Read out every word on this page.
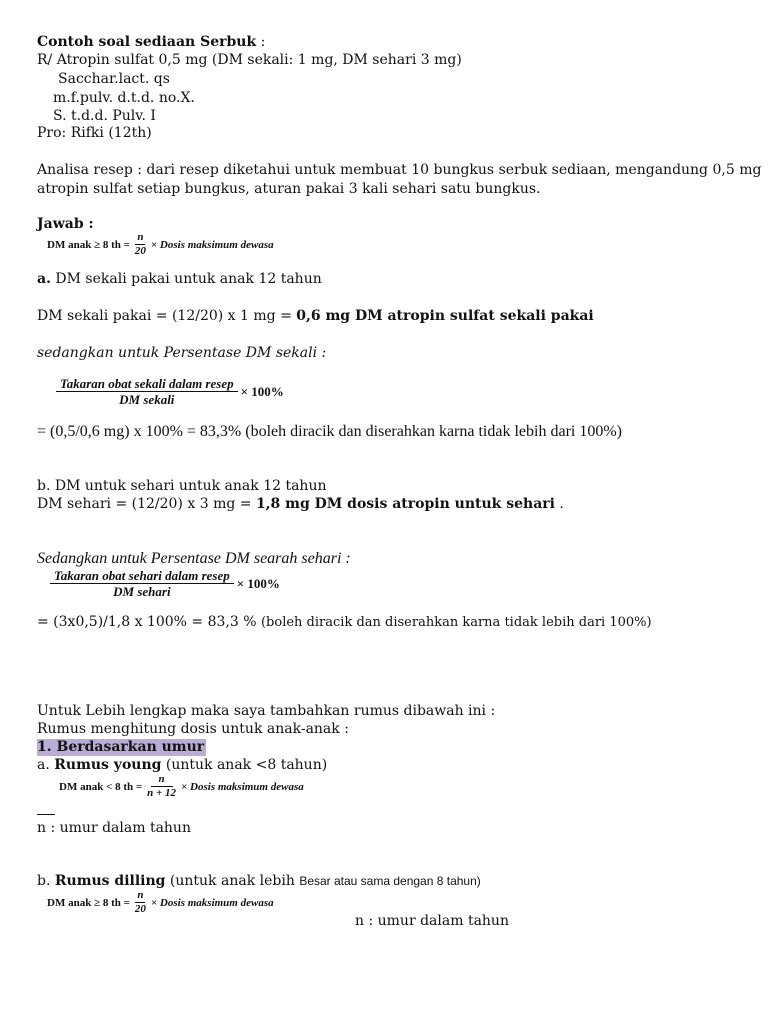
Contoh soal sediaan Serbuk :
R/ Atropin sulfat 0,5 mg (DM sekali: 1 mg, DM sehari 3 mg)
Sacchar.lact. qs
m.f.pulv. d.t.d. no.X.
S. t.d.d. Pulv. I
Pro: Rifki (12th)
Analisa resep : dari resep diketahui untuk membuat 10 bungkus serbuk sediaan, mengandung 0,5 mg
atropin sulfat setiap bungkus, aturan pakai 3 kali sehari satu bungkus.
Jawab :
DM anak
≥ 8 th = $\frac{n}{20}$ × Dosis maksimum dewasa
a. DM sekali pakai untuk anak 12 tahun
DM sekali pakai = (12/20) x 1 mg = 0,6 mg DM atropin sulfat sekali pakai
sedangkan untuk Persentase DM sekali :
$\frac{\text{Takaran obat sekali dalam resep}}{\text{DM sekali}} \times 100\%$
= (0,5/0,6 mg) x 100% = 83,3% (boleh diracik dan diserahkan karna tidak lebih dari 100%)
b. DM untuk sehari untuk anak 12 tahun
DM sehari = (12/20) x 3 mg = 1,8 mg DM dosis atropin untuk sehari .
Sedangkan untuk Persentase DM searah sehari :
$\frac{\text{Takaran obat sehari dalam resep}}{\text{DM sehari}} \times 100\%$
= (3x0,5)/1,8 x 100% = 83,3 % (boleh diracik dan diserahkan karna tidak lebih dari 100%)
Untuk Lebih lengkap maka saya tambahkan rumus dibawah ini :
Rumus menghitung dosis untuk anak-anak :
1. Berdasarkan umur
a. Rumus young (untuk anak <8 tahun)
DM anak
< 8 th = $\frac{n}{n + 12}$ × Dosis maksimum dewasa
n : umur dalam tahun
b. Rumus dilling (untuk anak lebih Besar atau sama dengan 8 tahun)
DM anak
≥ 8 th = $\frac{n}{20}$ × Dosis maksimum dewasa
n : umur dalam tahun
